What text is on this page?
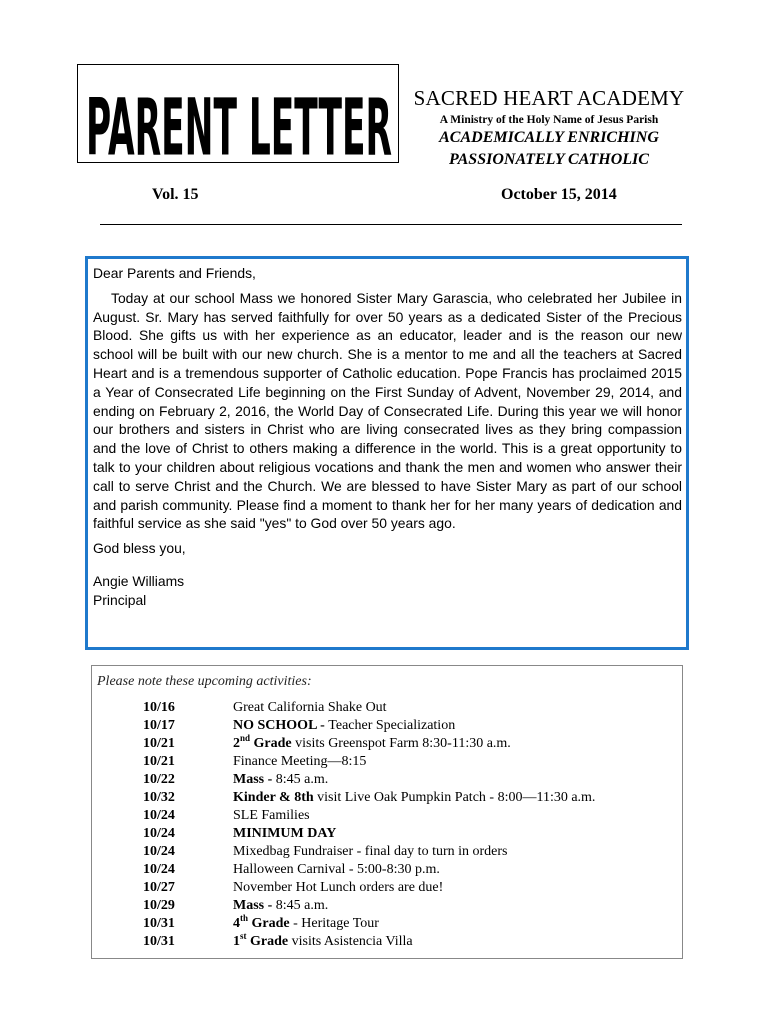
PARENT LETTER	SACRED HEART ACADEMY
A Ministry of the Holy Name of Jesus Parish
ACADEMICALLY ENRICHING
PASSIONATELY CATHOLIC
Vol. 15	October 15, 2014

Dear Parents and Friends,

Today at our school Mass we honored Sister Mary Garascia, who celebrated her Jubilee in August. Sr. Mary has served faithfully for over 50 years as a dedicated Sister of the Precious Blood. She gifts us with her experience as an educator, leader and is the reason our new school will be built with our new church. She is a mentor to me and all the teachers at Sacred Heart and is a tremendous supporter of Catholic education. Pope Francis has proclaimed 2015 a Year of Consecrated Life beginning on the First Sunday of Advent, November 29, 2014, and ending on February 2, 2016, the World Day of Consecrated Life. During this year we will honor our brothers and sisters in Christ who are living consecrated lives as they bring compassion and the love of Christ to others making a difference in the world. This is a great opportunity to talk to your children about religious vocations and thank the men and women who answer their call to serve Christ and the Church. We are blessed to have Sister Mary as part of our school and parish community. Please find a moment to thank her for her many years of dedication and faithful service as she said "yes" to God over 50 years ago.

God bless you,

Angie Williams

Principal

Please note these upcoming activities:

10/16	Great California Shake Out
10/17	NO SCHOOL - Teacher Specialization
10/21	2nd Grade visits Greenspot Farm 8:30-11:30 a.m.
10/21	Finance Meeting—8:15
10/22	Mass - 8:45 a.m.
10/32	Kinder & 8th visit Live Oak Pumpkin Patch - 8:00—11:30 a.m.
10/24	SLE Families
10/24	MINIMUM DAY
10/24	Mixedbag Fundraiser - final day to turn in orders
10/24	Halloween Carnival - 5:00-8:30 p.m.
10/27	November Hot Lunch orders are due!
10/29	Mass - 8:45 a.m.
10/31	4th Grade - Heritage Tour
10/31	1st Grade visits Asistencia Villa
